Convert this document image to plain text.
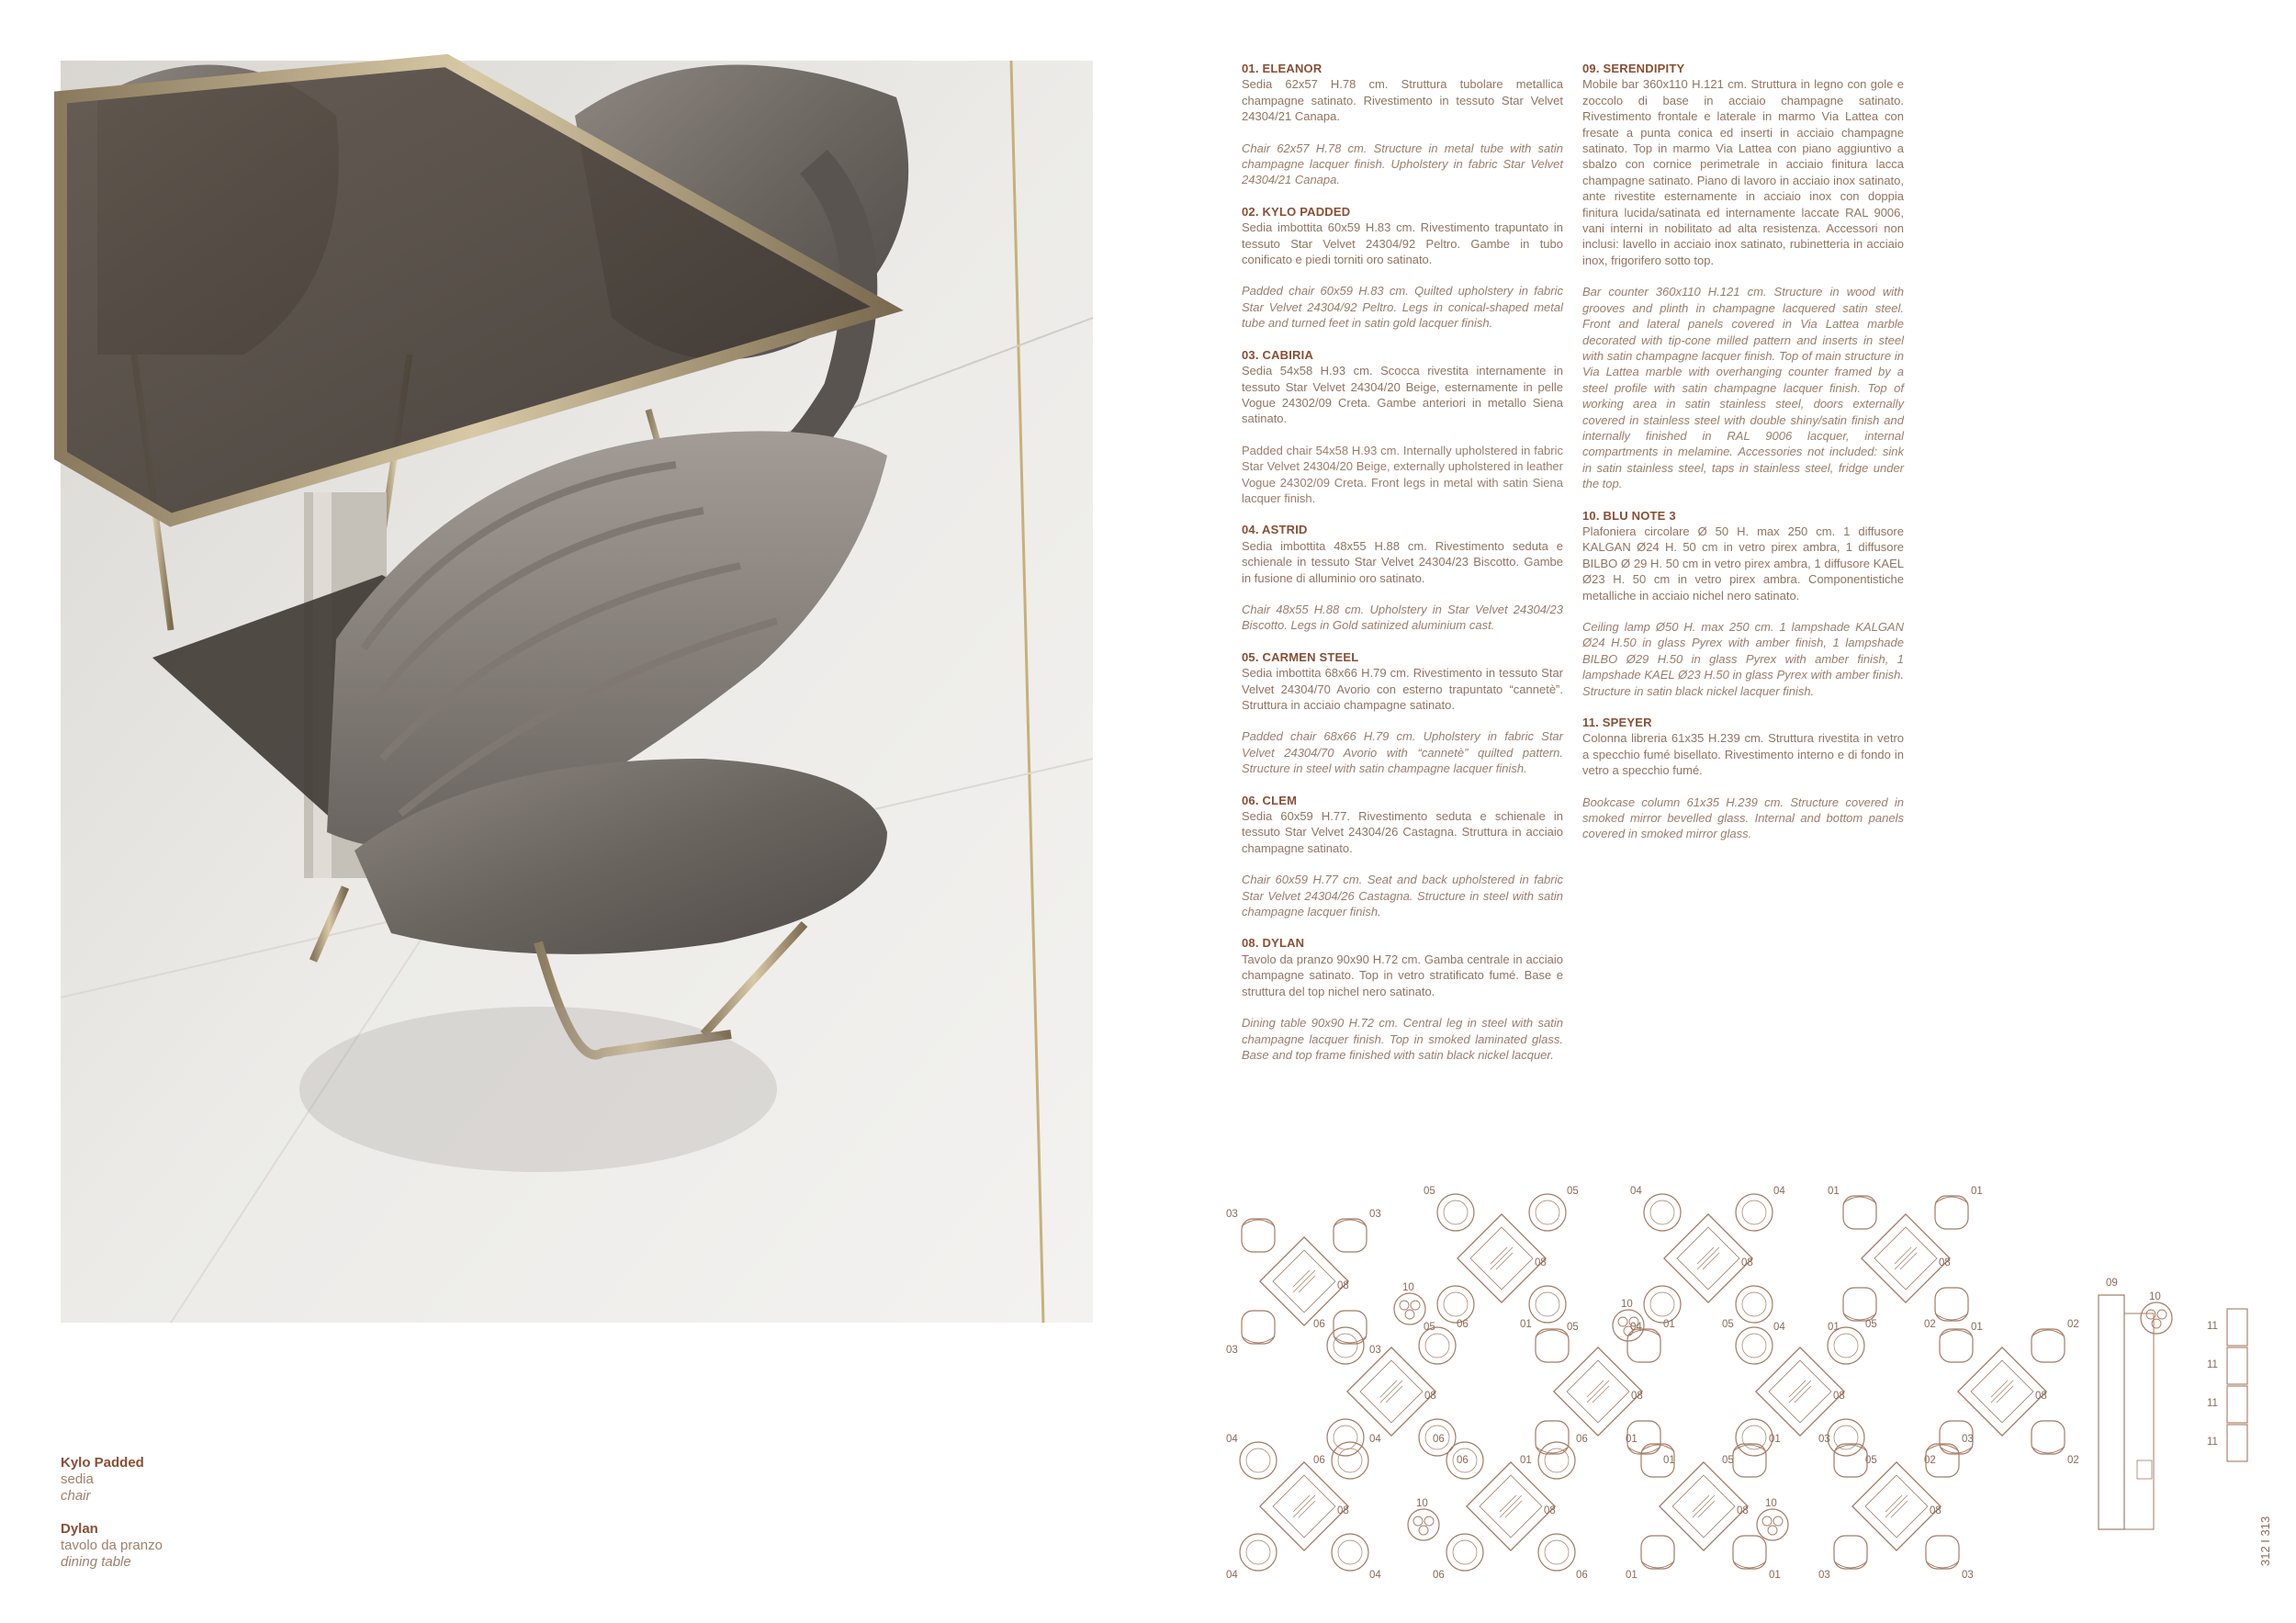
Kylo Padded
sedia
chair
Dylan
tavolo da pranzo
dining table
01. ELEANOR

Sedia 62x57 H.78 cm. Struttura tubolare metallica champagne satinato. Rivestimento in tessuto Star Velvet 24304/21 Canapa.

Chair 62x57 H.78 cm. Structure in metal tube with satin champagne lacquer finish. Upholstery in fabric Star Velvet 24304/21 Canapa.

02. KYLO PADDED

Sedia imbottita 60x59 H.83 cm. Rivestimento trapuntato in tessuto Star Velvet 24304/92 Peltro. Gambe in tubo conificato e piedi torniti oro satinato.

Padded chair 60x59 H.83 cm. Quilted upholstery in fabric Star Velvet 24304/92 Peltro. Legs in conical-shaped metal tube and turned feet in satin gold lacquer finish.

03. CABIRIA

Sedia 54x58 H.93 cm. Scocca rivestita internamente in tessuto Star Velvet 24304/20 Beige, esternamente in pelle Vogue 24302/09 Creta. Gambe anteriori in metallo Siena satinato.

Padded chair 54x58 H.93 cm. Internally upholstered in fabric Star Velvet 24304/20 Beige, externally upholstered in leather Vogue 24302/09 Creta. Front legs in metal with satin Siena lacquer finish.

04. ASTRID

Sedia imbottita 48x55 H.88 cm. Rivestimento seduta e schienale in tessuto Star Velvet 24304/23 Biscotto. Gambe in fusione di alluminio oro satinato.

Chair 48x55 H.88 cm. Upholstery in Star Velvet 24304/23 Biscotto. Legs in Gold satinized aluminium cast.

05. CARMEN STEEL

Sedia imbottita 68x66 H.79 cm. Rivestimento in tessuto Star Velvet 24304/70 Avorio con esterno trapuntato “cannetè”. Struttura in acciaio champagne satinato.

Padded chair 68x66 H.79 cm. Upholstery in fabric Star Velvet 24304/70 Avorio with “cannetè” quilted pattern. Structure in steel with satin champagne lacquer finish.

06. CLEM

Sedia 60x59 H.77. Rivestimento seduta e schienale in tessuto Star Velvet 24304/26 Castagna. Struttura in acciaio champagne satinato.

Chair 60x59 H.77 cm. Seat and back upholstered in fabric Star Velvet 24304/26 Castagna. Structure in steel with satin champagne lacquer finish.

08. DYLAN

Tavolo da pranzo 90x90 H.72 cm. Gamba centrale in acciaio champagne satinato. Top in vetro stratificato fumé. Base e struttura del top nichel nero satinato.

Dining table 90x90 H.72 cm. Central leg in steel with satin champagne lacquer finish. Top in smoked laminated glass. Base and top frame finished with satin black nickel lacquer.

09. SERENDIPITY

Mobile bar 360x110 H.121 cm. Struttura in legno con gole e zoccolo di base in acciaio champagne satinato. Rivestimento frontale e laterale in marmo Via Lattea con fresate a punta conica ed inserti in acciaio champagne satinato. Top in marmo Via Lattea con piano aggiuntivo a sbalzo con cornice perimetrale in acciaio finitura lacca champagne satinato. Piano di lavoro in acciaio inox satinato, ante rivestite esternamente in acciaio inox con doppia finitura lucida/satinata ed internamente laccate RAL 9006, vani interni in nobilitato ad alta resistenza. Accessori non inclusi: lavello in acciaio inox satinato, rubinetteria in acciaio inox, frigorifero sotto top.

Bar counter 360x110 H.121 cm. Structure in wood with grooves and plinth in champagne lacquered satin steel. Front and lateral panels covered in Via Lattea marble decorated with tip-cone milled pattern and inserts in steel with satin champagne lacquer finish. Top of main structure in Via Lattea marble with overhanging counter framed by a steel profile with satin champagne lacquer finish. Top of working area in satin stainless steel, doors externally covered in stainless steel with double shiny/satin finish and internally finished in RAL 9006 lacquer, internal compartments in melamine. Accessories not included: sink in satin stainless steel, taps in stainless steel, fridge under the top.

10. BLU NOTE 3

Plafoniera circolare Ø 50 H. max 250 cm. 1 diffusore KALGAN Ø24 H. 50 cm in vetro pirex ambra, 1 diffusore BILBO Ø 29 H. 50 cm in vetro pirex ambra, 1 diffusore KAEL Ø23 H. 50 cm in vetro pirex ambra. Componentistiche metalliche in acciaio nichel nero satinato.

Ceiling lamp Ø50 H. max 250 cm. 1 lampshade KALGAN Ø24 H.50 in glass Pyrex with amber finish, 1 lampshade BILBO Ø29 H.50 in glass Pyrex with amber finish, 1 lampshade KAEL Ø23 H.50 in glass Pyrex with amber finish. Structure in satin black nickel lacquer finish.

11. SPEYER

Colonna libreria 61x35 H.239 cm. Struttura rivestita in vetro a specchio fumé bisellato. Rivestimento interno e di fondo in vetro a specchio fumé.

Bookcase column 61x35 H.239 cm. Structure covered in smoked mirror bevelled glass. Internal and bottom panels covered in smoked mirror glass.

03	03
03	03
08
05	05
05	05
08
04	04
04	04
08
01	01
01	01
08
06	06
06	06
08
01	01
01	01
08
05	05
05	05
08
02	02
02	02
08
04	04
04	04
08
06	06
06	06
08
01	01
01	01
08
03	03
03	03
08
10
10
10
10	10
09
11
11
11
11
312 I 313
